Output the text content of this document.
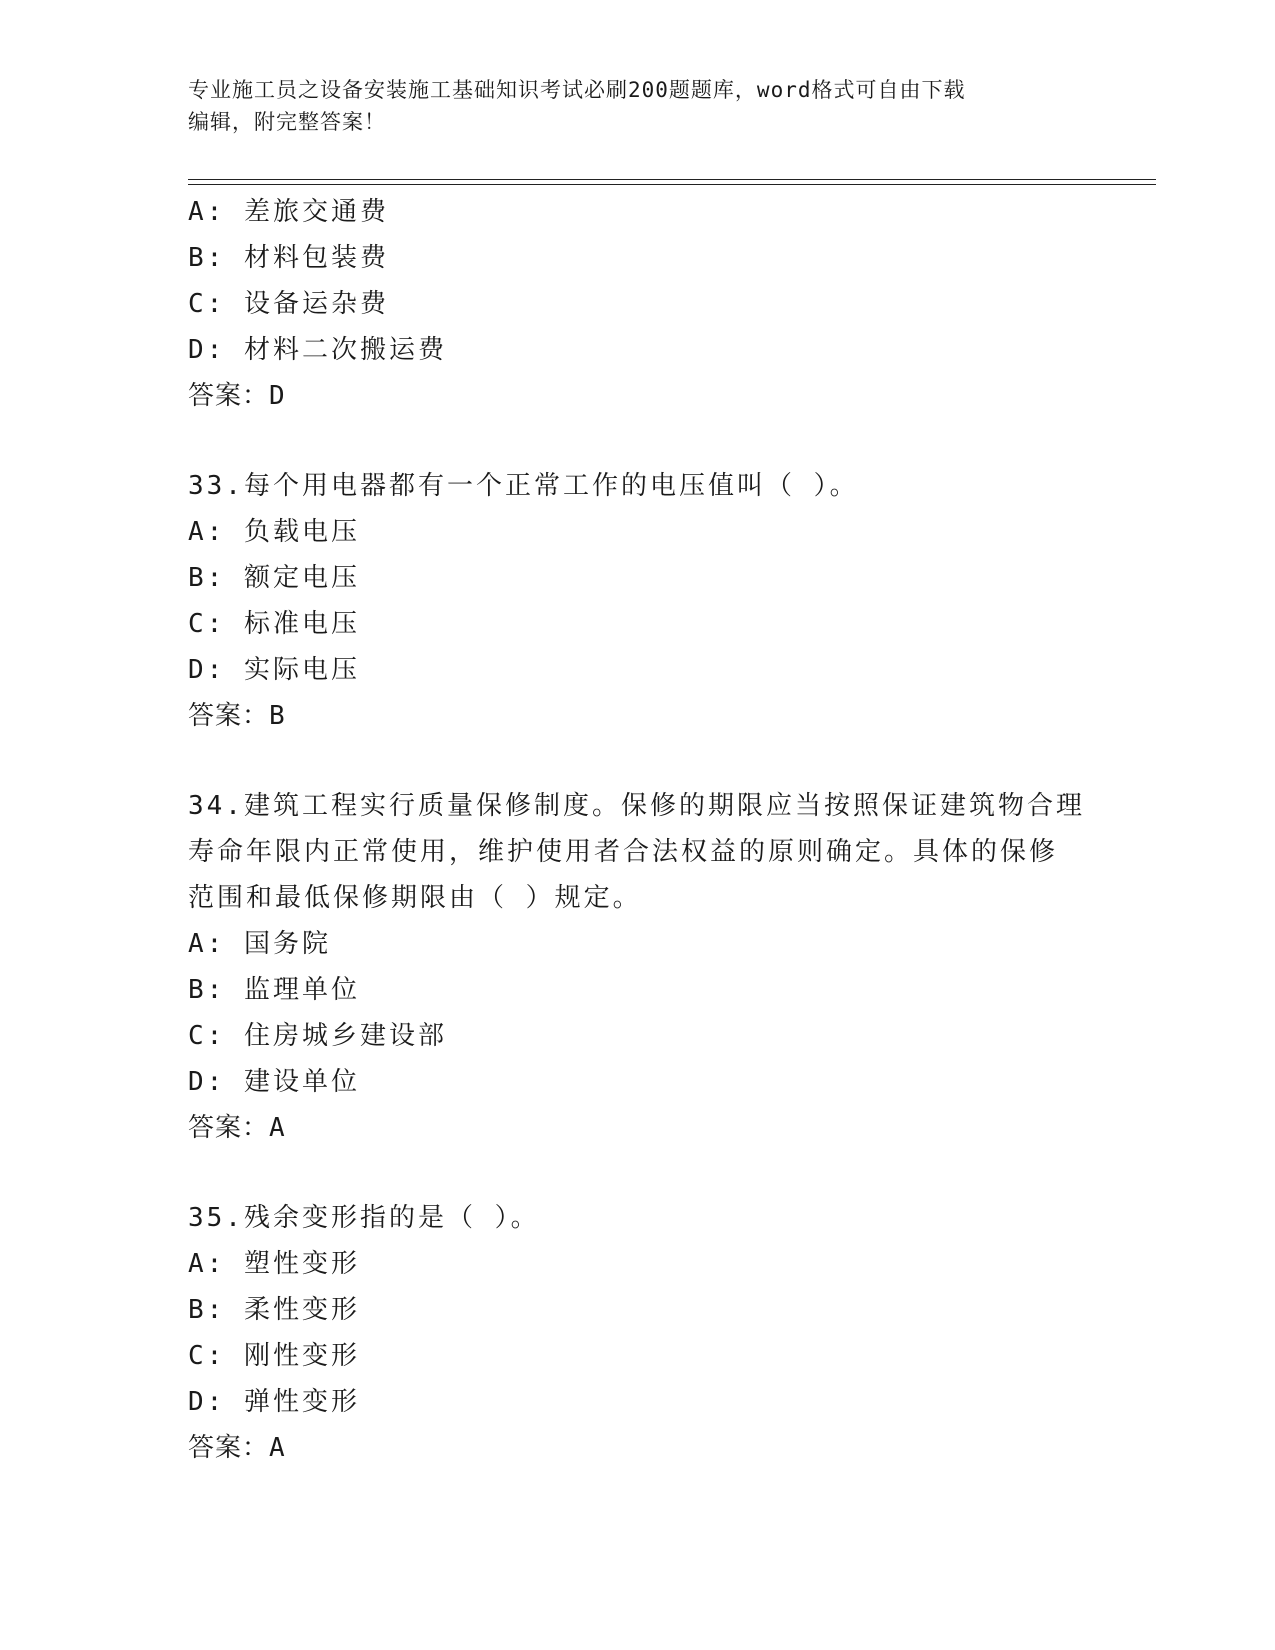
专业施工员之设备安装施工基础知识考试必刷200题题库，word格式可自由下载
编辑，附完整答案！
A: 差旅交通费
B: 材料包装费
C: 设备运杂费
D: 材料二次搬运费
答案：D
33.每个用电器都有一个正常工作的电压值叫（ ）。
A: 负载电压
B: 额定电压
C: 标准电压
D: 实际电压
答案：B
34.建筑工程实行质量保修制度。保修的期限应当按照保证建筑物合理
寿命年限内正常使用，维护使用者合法权益的原则确定。具体的保修
范围和最低保修期限由（ ）规定。
A: 国务院
B: 监理单位
C: 住房城乡建设部
D: 建设单位
答案：A
35.残余变形指的是（ ）。
A: 塑性变形
B: 柔性变形
C: 刚性变形
D: 弹性变形
答案：A
